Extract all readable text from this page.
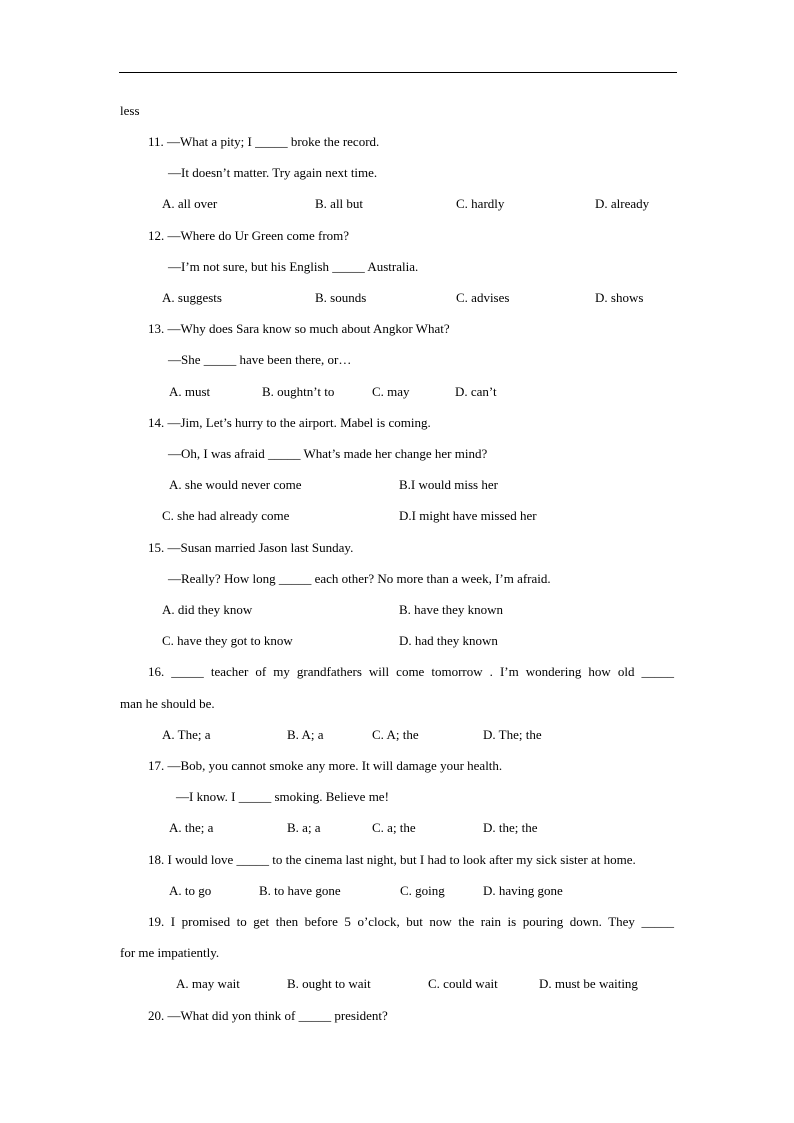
less
11. —What a pity; I _____ broke the record.
—It doesn’t matter. Try again next time.
A. all over	B. all but	C. hardly	D. already
12. —Where do Ur Green come from?
—I’m not sure, but his English _____ Australia.
A. suggests	B. sounds	C. advises	D. shows
13. —Why does Sara know so much about Angkor What?
—She _____ have been there, or…
A. must	B. oughtn’t to	C. may	D. can’t
14. —Jim, Let’s hurry to the airport. Mabel is coming.
—Oh, I was afraid _____ What’s made her change her mind?
A. she would never come	B.I would miss her
C. she had already come	D.I might have missed her
15. —Susan married Jason last Sunday.
—Really? How long _____ each other? No more than a week, I’m afraid.
A. did they know	B. have they known
C. have they got to know	D. had they known
16. _____ teacher of my grandfathers will come tomorrow . I’m wondering how old _____
man he should be.
A. The; a	B. A; a	C. A; the	D. The; the
17. —Bob, you cannot smoke any more. It will damage your health.
—I know. I _____ smoking. Believe me!
A. the; a	B. a; a	C. a; the	D. the; the
18. I would love _____ to the cinema last night, but I had to look after my sick sister at home.
A. to go	B. to have gone	C. going	D. having gone
19. I promised to get then before 5 o’clock, but now the rain is pouring down. They _____
for me impatiently.
A. may wait	B. ought to wait	C. could wait	D. must be waiting
20. —What did yon think of _____ president?
